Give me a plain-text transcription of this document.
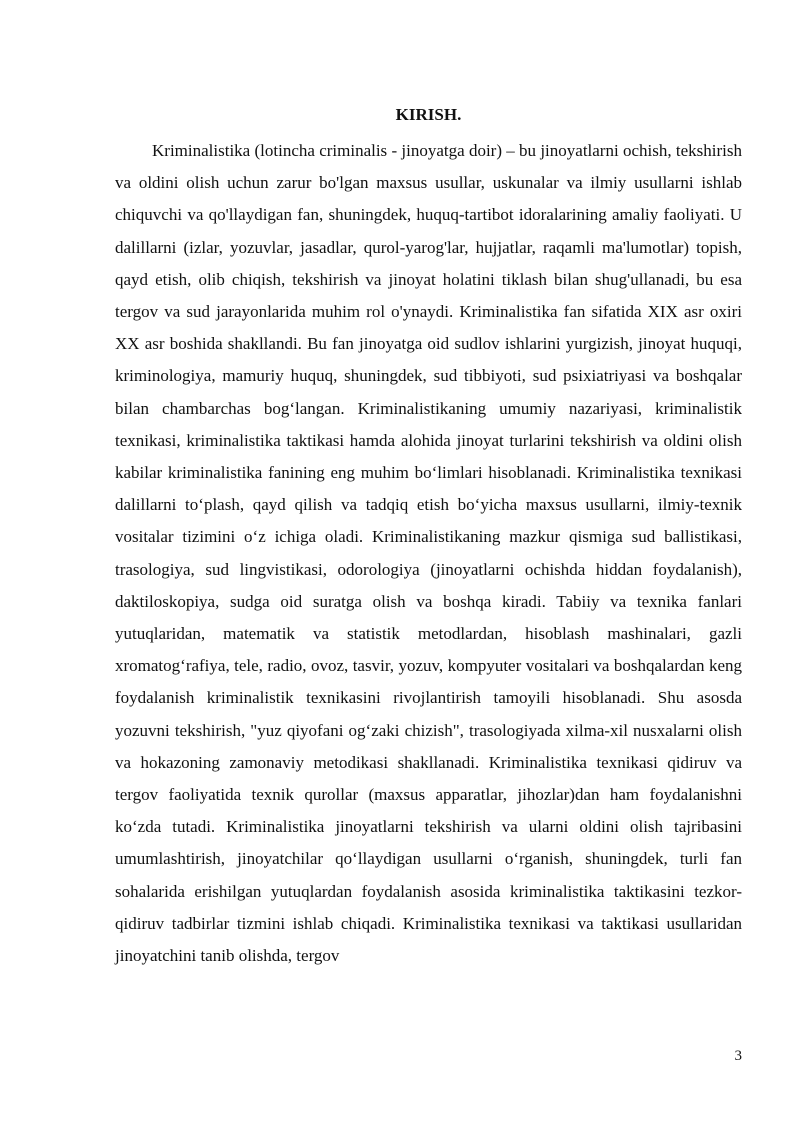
KIRISH.

Kriminalistika (lotincha criminalis - jinoyatga doir) – bu jinoyatlarni ochish, tekshirish va oldini olish uchun zarur bo'lgan maxsus usullar, uskunalar va ilmiy usullarni ishlab chiquvchi va qo'llaydigan fan, shuningdek, huquq-tartibot idoralarining amaliy faoliyati. U dalillarni (izlar, yozuvlar, jasadlar, qurol-yarog'lar, hujjatlar, raqamli ma'lumotlar) topish, qayd etish, olib chiqish, tekshirish va jinoyat holatini tiklash bilan shug'ullanadi, bu esa tergov va sud jarayonlarida muhim rol o'ynaydi. Kriminalistika fan sifatida XIX asr oxiri XX asr boshida shakllandi. Bu fan jinoyatga oid sudlov ishlarini yurgizish, jinoyat huquqi, kriminologiya, mamuriy huquq, shuningdek, sud tibbiyoti, sud psixiatriyasi va boshqalar bilan chambarchas bog‘langan. Kriminalistikaning umumiy nazariyasi, kriminalistik texnikasi, kriminalistika taktikasi hamda alohida jinoyat turlarini tekshirish va oldini olish kabilar kriminalistika fanining eng muhim bo‘limlari hisoblanadi. Kriminalistika texnikasi dalillarni to‘plash, qayd qilish va tadqiq etish bo‘yicha maxsus usullarni, ilmiy-texnik vositalar tizimini o‘z ichiga oladi. Kriminalistikaning mazkur qismiga sud ballistikasi, trasologiya, sud lingvistikasi, odorologiya (jinoyatlarni ochishda hiddan foydalanish), daktiloskopiya, sudga oid suratga olish va boshqa kiradi. Tabiiy va texnika fanlari yutuqlaridan, matematik va statistik metodlardan, hisoblash mashinalari, gazli xromatog‘rafiya, tele, radio, ovoz, tasvir, yozuv, kompyuter vositalari va boshqalardan keng foydalanish kriminalistik texnikasini rivojlantirish tamoyili hisoblanadi. Shu asosda yozuvni tekshirish, "yuz qiyofani og‘zaki chizish", trasologiyada xilma-xil nusxalarni olish va hokazoning zamonaviy metodikasi shakllanadi. Kriminalistika texnikasi qidiruv va tergov faoliyatida texnik qurollar (maxsus apparatlar, jihozlar)dan ham foydalanishni ko‘zda tutadi. Kriminalistika jinoyatlarni tekshirish va ularni oldini olish tajribasini umumlashtirish, jinoyatchilar qo‘llaydigan usullarni o‘rganish, shuningdek, turli fan sohalarida erishilgan yutuqlardan foydalanish asosida kriminalistika taktikasini tezkor-qidiruv tadbirlar tizmini ishlab chiqadi. Kriminalistika texnikasi va taktikasi usullaridan jinoyatchini tanib olishda, tergov

3
